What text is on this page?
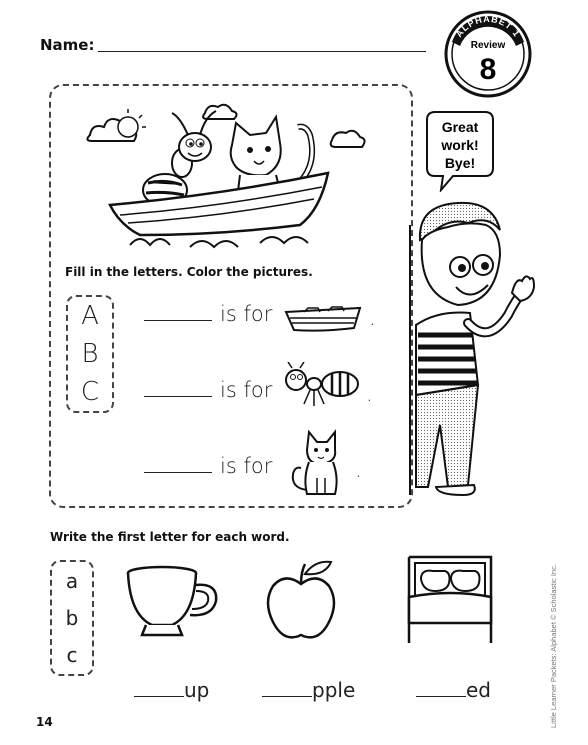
Name:
ALPHABET 1
Review
8
Great
work!
Bye!
Fill in the letters. Color the pictures.
A
B
C
is for	.
is for	.
is for	.
Write the first letter for each word.
a
b
c
up	pple	ed	Little Learner Packets: Alphabet © Scholastic Inc.
14
